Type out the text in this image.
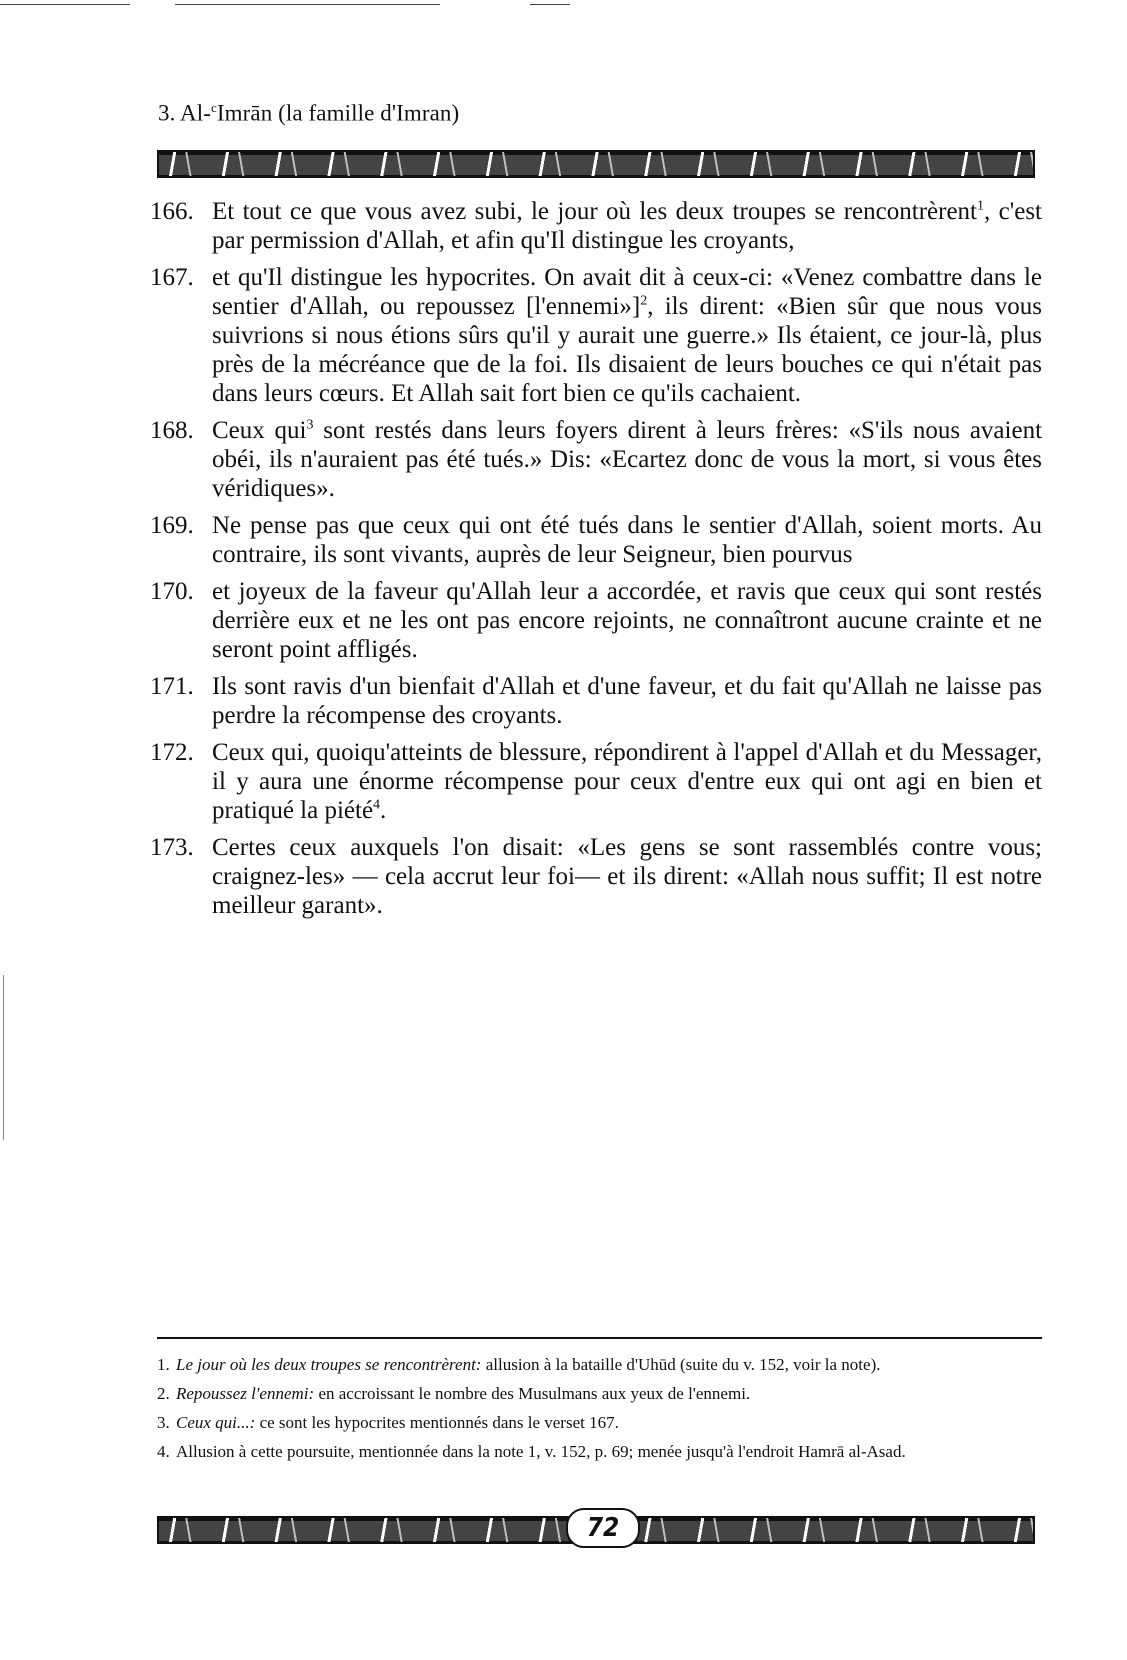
3. Al-$^c$Imrān (la famille d'Imran)
166. Et tout ce que vous avez subi, le jour où les deux troupes se rencontrèrent$^1$, c'est par permission d'Allah, et afin qu'Il distingue les croyants,
167. et qu'Il distingue les hypocrites. On avait dit à ceux-ci: «Venez combattre dans le sentier d'Allah, ou repoussez [l'ennemi»]$^2$, ils dirent: «Bien sûr que nous vous suivrions si nous étions sûrs qu'il y aurait une guerre.» Ils étaient, ce jour-là, plus près de la mécréance que de la foi. Ils disaient de leurs bouches ce qui n'était pas dans leurs cœurs. Et Allah sait fort bien ce qu'ils cachaient.
168. Ceux qui$^3$ sont restés dans leurs foyers dirent à leurs frères: «S'ils nous avaient obéi, ils n'auraient pas été tués.» Dis: «Ecartez donc de vous la mort, si vous êtes véridiques».
169. Ne pense pas que ceux qui ont été tués dans le sentier d'Allah, soient morts. Au contraire, ils sont vivants, auprès de leur Seigneur, bien pourvus
170. et joyeux de la faveur qu'Allah leur a accordée, et ravis que ceux qui sont restés derrière eux et ne les ont pas encore rejoints, ne connaîtront aucune crainte et ne seront point affligés.
171. Ils sont ravis d'un bienfait d'Allah et d'une faveur, et du fait qu'Allah ne laisse pas perdre la récompense des croyants.
172. Ceux qui, quoiqu'atteints de blessure, répondirent à l'appel d'Allah et du Messager, il y aura une énorme récompense pour ceux d'entre eux qui ont agi en bien et pratiqué la piété$^4$.
173. Certes ceux auxquels l'on disait: «Les gens se sont rassemblés contre vous; craignez-les» — cela accrut leur foi— et ils dirent: «Allah nous suffit; Il est notre meilleur garant».
1. Le jour où les deux troupes se rencontrèrent: allusion à la bataille d'Uhūd (suite du v. 152, voir la note).
2. Repoussez l'ennemi: en accroissant le nombre des Musulmans aux yeux de l'ennemi.
3. Ceux qui...: ce sont les hypocrites mentionnés dans le verset 167.
4. Allusion à cette poursuite, mentionnée dans la note 1, v. 152, p. 69; menée jusqu'à l'endroit Hamrā al-Asad.
72
